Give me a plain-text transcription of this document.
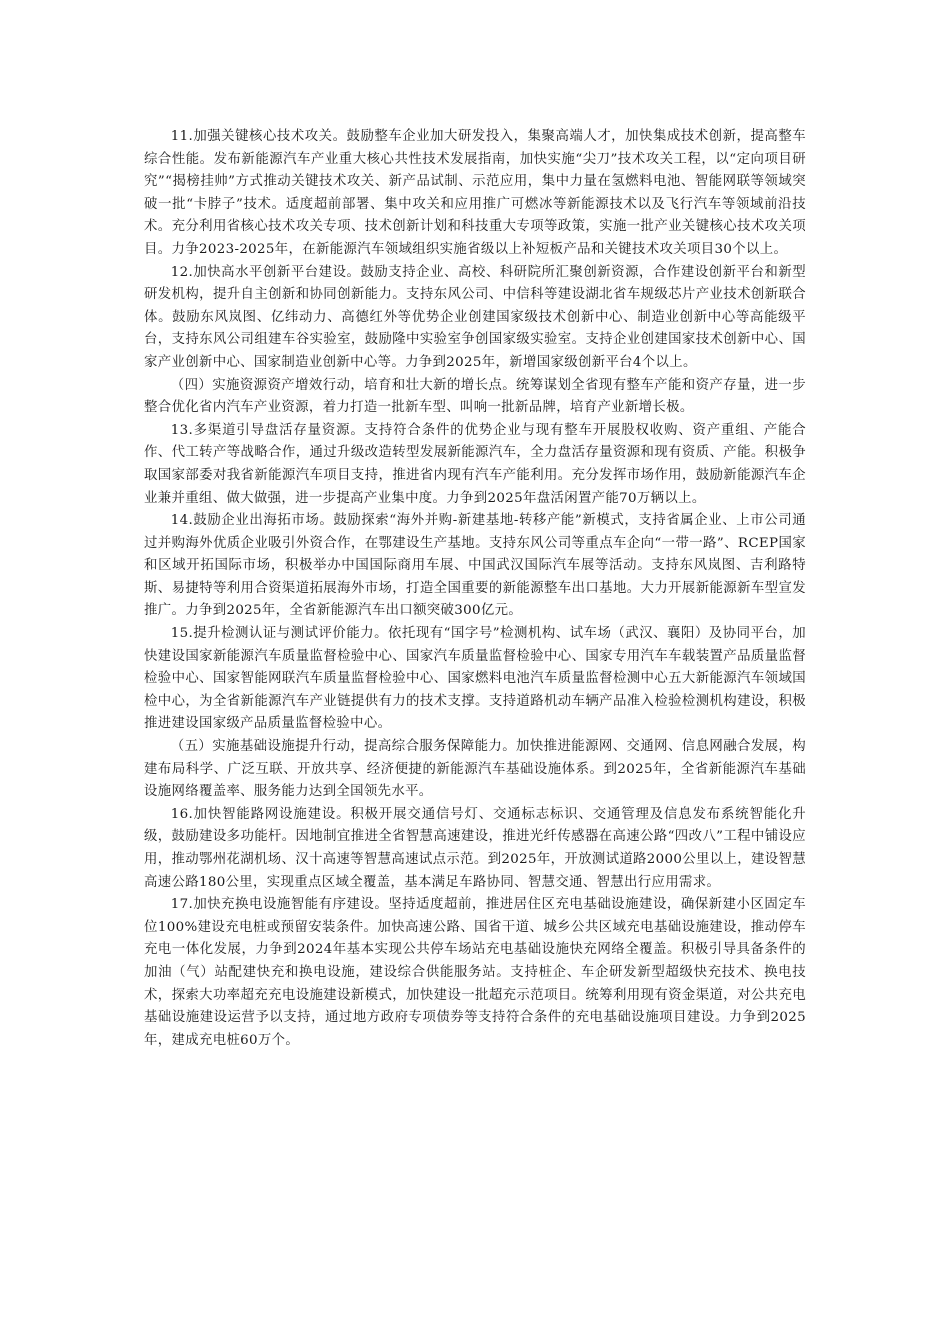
11.加强关键核心技术攻关。鼓励整车企业加大研发投入，集聚高端人才，加快集成技术创新，提高整车综合性能。发布新能源汽车产业重大核心共性技术发展指南，加快实施“尖刀”技术攻关工程，以“定向项目研究”“揭榜挂帅”方式推动关键技术攻关、新产品试制、示范应用，集中力量在氢燃料电池、智能网联等领域突破一批“卡脖子”技术。适度超前部署、集中攻关和应用推广可燃冰等新能源技术以及飞行汽车等领域前沿技术。充分利用省核心技术攻关专项、技术创新计划和科技重大专项等政策，实施一批产业关键核心技术攻关项目。力争2023-2025年，在新能源汽车领域组织实施省级以上补短板产品和关键技术攻关项目30个以上。

12.加快高水平创新平台建设。鼓励支持企业、高校、科研院所汇聚创新资源，合作建设创新平台和新型研发机构，提升自主创新和协同创新能力。支持东风公司、中信科等建设湖北省车规级芯片产业技术创新联合体。鼓励东风岚图、亿纬动力、高德红外等优势企业创建国家级技术创新中心、制造业创新中心等高能级平台，支持东风公司组建车谷实验室，鼓励隆中实验室争创国家级实验室。支持企业创建国家技术创新中心、国家产业创新中心、国家制造业创新中心等。力争到2025年，新增国家级创新平台4个以上。

（四）实施资源资产增效行动，培育和壮大新的增长点。统筹谋划全省现有整车产能和资产存量，进一步整合优化省内汽车产业资源，着力打造一批新车型、叫响一批新品牌，培育产业新增长极。

13.多渠道引导盘活存量资源。支持符合条件的优势企业与现有整车开展股权收购、资产重组、产能合作、代工转产等战略合作，通过升级改造转型发展新能源汽车，全力盘活存量资源和现有资质、产能。积极争取国家部委对我省新能源汽车项目支持，推进省内现有汽车产能利用。充分发挥市场作用，鼓励新能源汽车企业兼并重组、做大做强，进一步提高产业集中度。力争到2025年盘活闲置产能70万辆以上。

14.鼓励企业出海拓市场。鼓励探索“海外并购-新建基地-转移产能”新模式，支持省属企业、上市公司通过并购海外优质企业吸引外资合作，在鄂建设生产基地。支持东风公司等重点车企向“一带一路”、RCEP国家和区域开拓国际市场，积极举办中国国际商用车展、中国武汉国际汽车展等活动。支持东风岚图、吉利路特斯、易捷特等利用合资渠道拓展海外市场，打造全国重要的新能源整车出口基地。大力开展新能源新车型宣发推广。力争到2025年，全省新能源汽车出口额突破300亿元。

15.提升检测认证与测试评价能力。依托现有“国字号”检测机构、试车场（武汉、襄阳）及协同平台，加快建设国家新能源汽车质量监督检验中心、国家汽车质量监督检验中心、国家专用汽车车载装置产品质量监督检验中心、国家智能网联汽车质量监督检验中心、国家燃料电池汽车质量监督检测中心五大新能源汽车领域国检中心，为全省新能源汽车产业链提供有力的技术支撑。支持道路机动车辆产品准入检验检测机构建设，积极推进建设国家级产品质量监督检验中心。

（五）实施基础设施提升行动，提高综合服务保障能力。加快推进能源网、交通网、信息网融合发展，构建布局科学、广泛互联、开放共享、经济便捷的新能源汽车基础设施体系。到2025年，全省新能源汽车基础设施网络覆盖率、服务能力达到全国领先水平。

16.加快智能路网设施建设。积极开展交通信号灯、交通标志标识、交通管理及信息发布系统智能化升级，鼓励建设多功能杆。因地制宜推进全省智慧高速建设，推进光纤传感器在高速公路“四改八”工程中铺设应用，推动鄂州花湖机场、汉十高速等智慧高速试点示范。到2025年，开放测试道路2000公里以上，建设智慧高速公路180公里，实现重点区域全覆盖，基本满足车路协同、智慧交通、智慧出行应用需求。

17.加快充换电设施智能有序建设。坚持适度超前，推进居住区充电基础设施建设，确保新建小区固定车位100%建设充电桩或预留安装条件。加快高速公路、国省干道、城乡公共区域充电基础设施建设，推动停车充电一体化发展，力争到2024年基本实现公共停车场站充电基础设施快充网络全覆盖。积极引导具备条件的加油（气）站配建快充和换电设施，建设综合供能服务站。支持桩企、车企研发新型超级快充技术、换电技术，探索大功率超充充电设施建设新模式，加快建设一批超充示范项目。统筹利用现有资金渠道，对公共充电基础设施建设运营予以支持，通过地方政府专项债券等支持符合条件的充电基础设施项目建设。力争到2025年，建成充电桩60万个。
